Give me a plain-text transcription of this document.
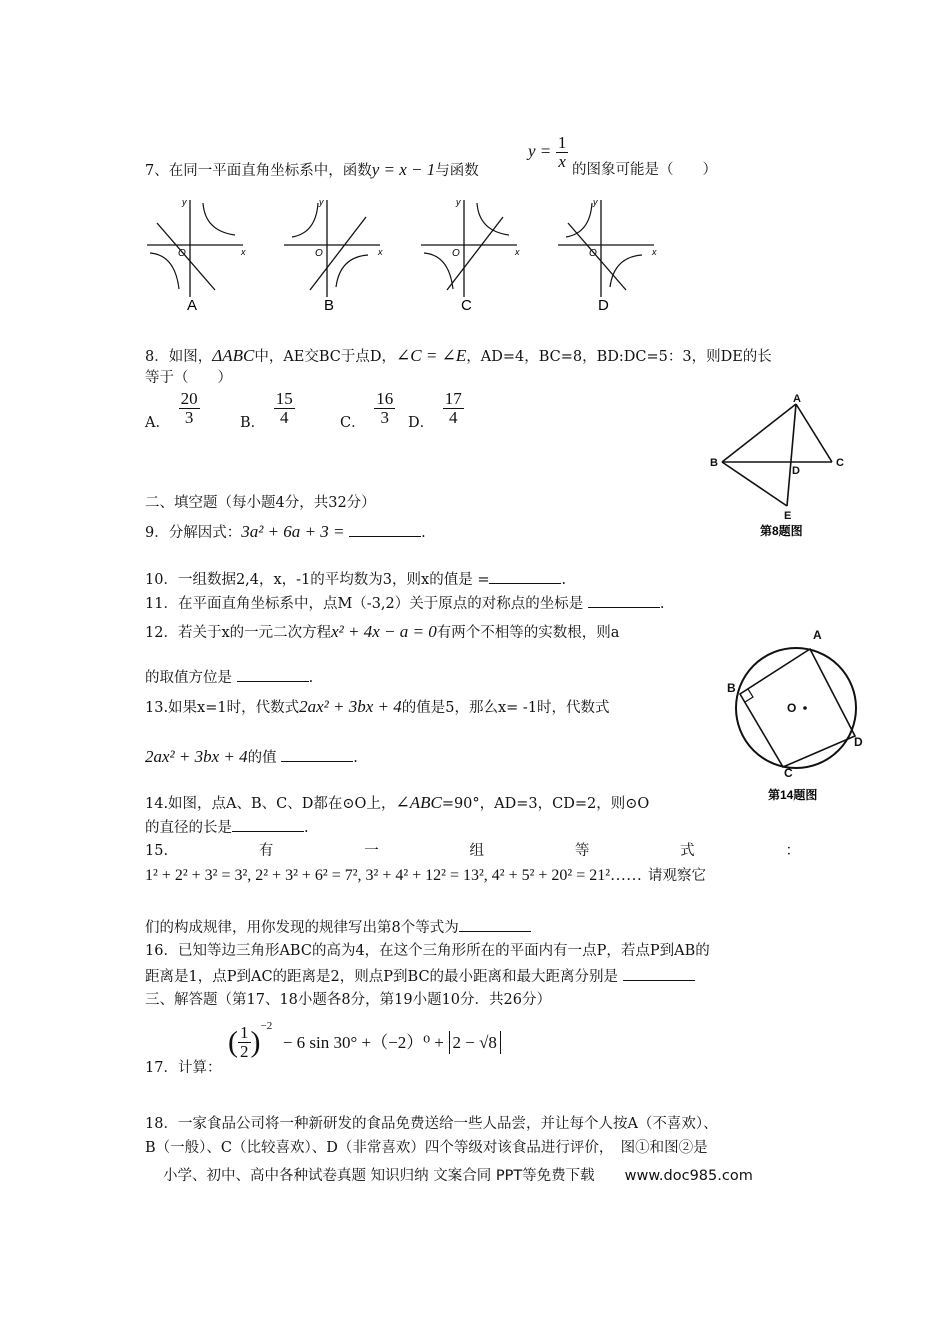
7、在同一平面直角坐标系中，函数y = x − 1与函数
$y = \frac{1}{x}$ 的图象可能是（　　）
y
x
O
A
y
x
O
B
y
x
O
C
y
x
O
D
8．如图，ΔABC中，AE交BC于点D，∠C = ∠E，AD=4，BC=8，BD:DC=5：3，则DE的长
等于（　　）
A． $\frac{20}{3}$	B． $\frac{15}{4}$	C． $\frac{16}{3}$ D． $\frac{17}{4}$	A
B	C
D
E
第8题图
二、填空题（每小题4分，共32分）
9．分解因式：3a² + 6a + 3 =	.
10．一组数据2,4，x，-1的平均数为3，则x的值是 =	.
11．在平面直角坐标系中，点M（-3,2）关于原点的对称点的坐标是	.
12．若关于x的一元二次方程x² + 4x − a = 0有两个不相等的实数根，则a
的取值方位是	.
13.如果x=1时，代数式2ax² + 3bx + 4的值是5，那么x= -1时，代数式
2ax² + 3bx + 4的值	.
A
B
C
D
O
第14题图
14.如图，点A、B、C、D都在⊙O上，∠ABC=90°，AD=3，CD=2，则⊙O
的直径的长是	.
15.	有	一	组	等	式	：
1² + 2² + 3² = 3², 2² + 3² + 6² = 7², 3² + 4² + 12² = 13², 4² + 5² + 20² = 21²…… 请观察它
们的构成规律，用你发现的规律写出第8个等式为
16．已知等边三角形ABC的高为4，在这个三角形所在的平面内有一点P，若点P到AB的
距离是1，点P到AC的距离是2，则点P到BC的最小距离和最大距离分别是
三、解答题（第17、18小题各8分，第19小题10分．共26分）
17．计算：
( $\frac{1}{2} )^{-2} - 6$ sin 30° +（−2）⁰ + 2 − √8
18．一家食品公司将一种新研发的食品免费送给一些人品尝，并让每个人按A（不喜欢）、
B（一般）、C（比较喜欢）、D（非常喜欢）四个等级对该食品进行评价，　图①和图②是
小学、初中、高中各种试卷真题 知识归纳 文案合同 PPT等免费下载 www.doc985.com
